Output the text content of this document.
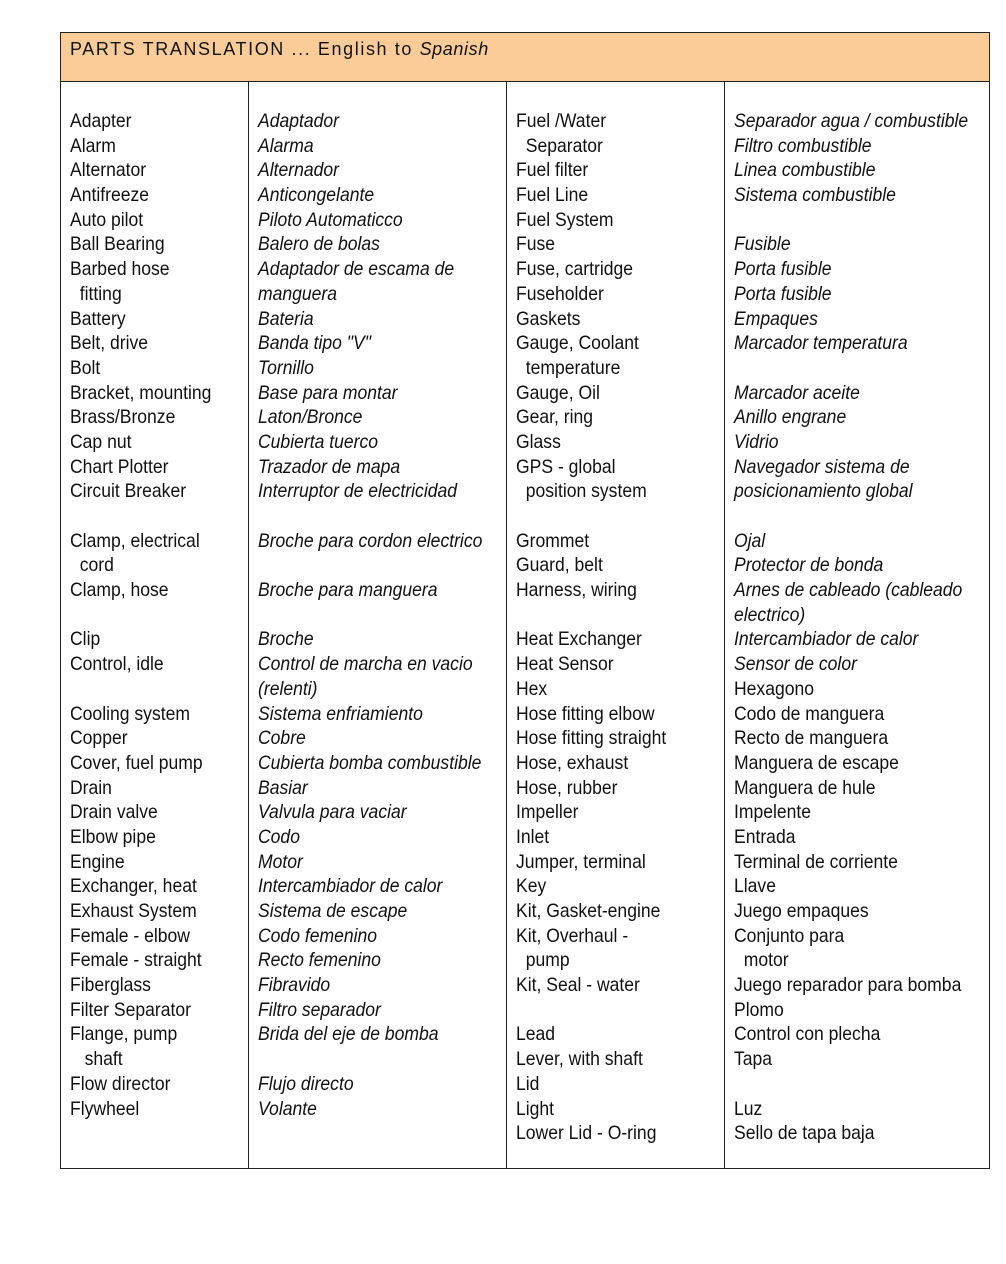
PARTS TRANSLATION ... English to Spanish
Adapter
Alarm
Alternator
Antifreeze
Auto pilot
Ball Bearing
Barbed hose
fitting
Battery
Belt, drive
Bolt
Bracket, mounting
Brass/Bronze
Cap nut
Chart Plotter
Circuit Breaker
Clamp, electrical
cord
Clamp, hose
Clip
Control, idle
Cooling system
Copper
Cover, fuel pump
Drain
Drain valve
Elbow pipe
Engine
Exchanger, heat
Exhaust System
Female - elbow
Female - straight
Fiberglass
Filter Separator
Flange, pump
shaft
Flow director
Flywheel
Adaptador
Alarma
Alternador
Anticongelante
Piloto Automaticco
Balero de bolas
Adaptador de escama de
manguera
Bateria
Banda tipo "V"
Tornillo
Base para montar
Laton/Bronce
Cubierta tuerco
Trazador de mapa
Interruptor de electricidad
Broche para cordon electrico
Broche para manguera
Broche
Control de marcha en vacio
(relenti)
Sistema enfriamiento
Cobre
Cubierta bomba combustible
Basiar
Valvula para vaciar
Codo
Motor
Intercambiador de calor
Sistema de escape
Codo femenino
Recto femenino
Fibravido
Filtro separador
Brida del eje de bomba
Flujo directo
Volante
Fuel /Water
Separator
Fuel filter
Fuel Line
Fuel System
Fuse
Fuse, cartridge
Fuseholder
Gaskets
Gauge, Coolant
temperature
Gauge, Oil
Gear, ring
Glass
GPS - global
position system
Grommet
Guard, belt
Harness, wiring
Heat Exchanger
Heat Sensor
Hex
Hose fitting elbow
Hose fitting straight
Hose, exhaust
Hose, rubber
Impeller
Inlet
Jumper, terminal
Key
Kit, Gasket-engine
Kit, Overhaul -
pump
Kit, Seal - water
Lead
Lever, with shaft
Lid
Light
Lower Lid - O-ring
Separador agua / combustible
Filtro combustible
Linea combustible
Sistema combustible
Fusible
Porta fusible
Porta fusible
Empaques
Marcador temperatura
Marcador aceite
Anillo engrane
Vidrio
Navegador sistema de
posicionamiento global
Ojal
Protector de bonda
Arnes de cableado (cableado
electrico)
Intercambiador de calor
Sensor de color
Hexagono
Codo de manguera
Recto de manguera
Manguera de escape
Manguera de hule
Impelente
Entrada
Terminal de corriente
Llave
Juego empaques
Conjunto para
motor
Juego reparador para bomba
Plomo
Control con plecha
Tapa
Luz
Sello de tapa baja
